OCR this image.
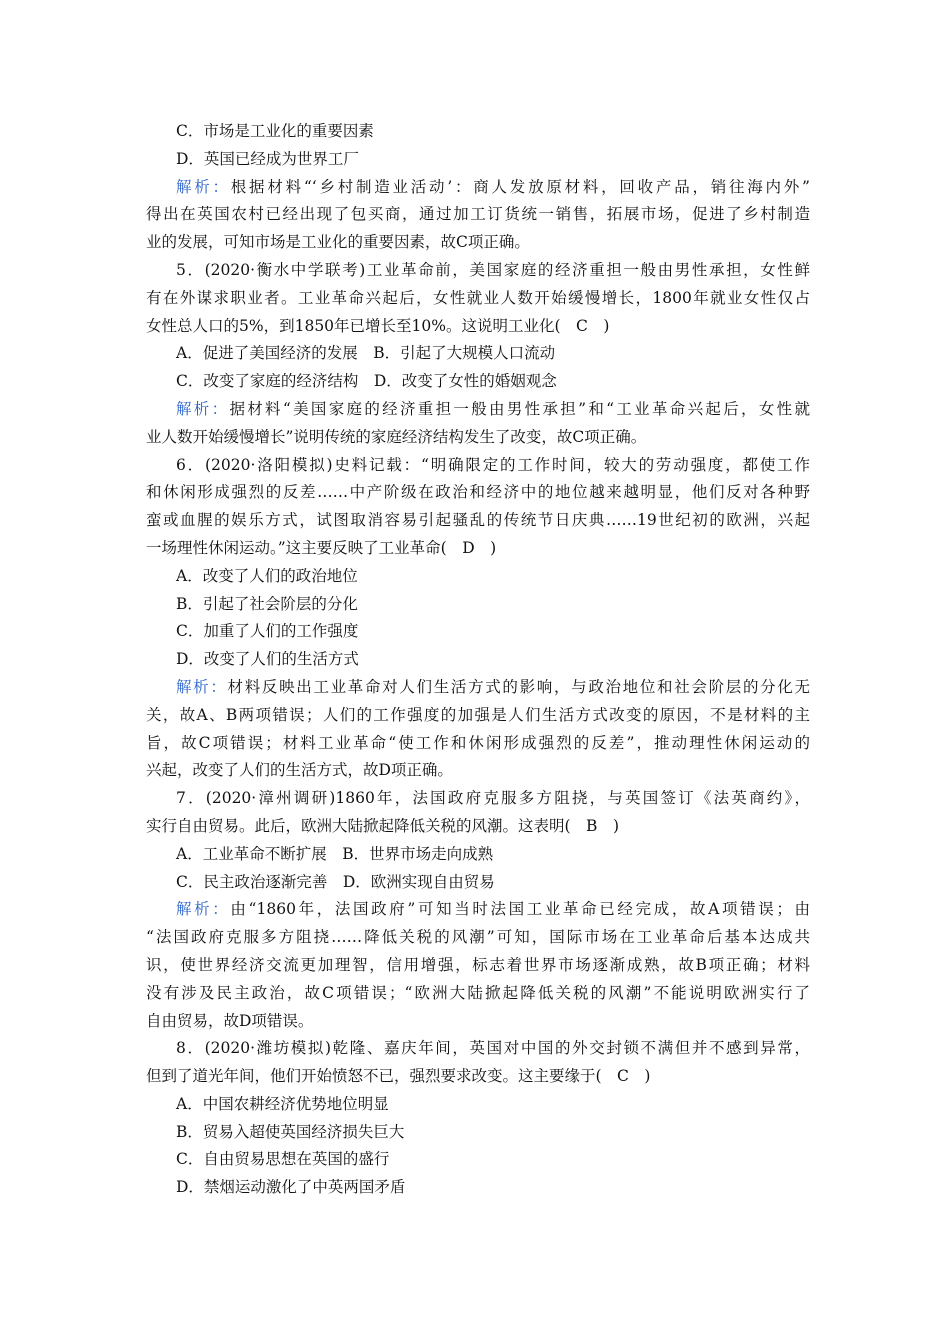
C．市场是工业化的重要因素
D．英国已经成为世界工厂
解析：根据材料“‘乡村制造业活动’：商人发放原材料，回收产品，销往海内外”
得出在英国农村已经出现了包买商，通过加工订货统一销售，拓展市场，促进了乡村制造
业的发展，可知市场是工业化的重要因素，故C项正确。
5．(2020·衡水中学联考)工业革命前，美国家庭的经济重担一般由男性承担，女性鲜
有在外谋求职业者。工业革命兴起后，女性就业人数开始缓慢增长，1800年就业女性仅占
女性总人口的5%，到1850年已增长至10%。这说明工业化(　C　)
A．促进了美国经济的发展　B．引起了大规模人口流动
C．改变了家庭的经济结构　D．改变了女性的婚姻观念
解析：据材料“美国家庭的经济重担一般由男性承担”和“工业革命兴起后，女性就
业人数开始缓慢增长”说明传统的家庭经济结构发生了改变，故C项正确。
6．(2020·洛阳模拟)史料记载：“明确限定的工作时间，较大的劳动强度，都使工作
和休闲形成强烈的反差……中产阶级在政治和经济中的地位越来越明显，他们反对各种野
蛮或血腥的娱乐方式，试图取消容易引起骚乱的传统节日庆典……19世纪初的欧洲，兴起
一场理性休闲运动。”这主要反映了工业革命(　D　)
A．改变了人们的政治地位
B．引起了社会阶层的分化
C．加重了人们的工作强度
D．改变了人们的生活方式
解析：材料反映出工业革命对人们生活方式的影响，与政治地位和社会阶层的分化无
关，故A、B两项错误；人们的工作强度的加强是人们生活方式改变的原因，不是材料的主
旨，故C项错误；材料工业革命“使工作和休闲形成强烈的反差”，推动理性休闲运动的
兴起，改变了人们的生活方式，故D项正确。
7．(2020·漳州调研)1860年，法国政府克服多方阻挠，与英国签订《法英商约》，
实行自由贸易。此后，欧洲大陆掀起降低关税的风潮。这表明(　B　)
A．工业革命不断扩展　B．世界市场走向成熟
C．民主政治逐渐完善　D．欧洲实现自由贸易
解析：由“1860年，法国政府”可知当时法国工业革命已经完成，故A项错误；由
“法国政府克服多方阻挠……降低关税的风潮”可知，国际市场在工业革命后基本达成共
识，使世界经济交流更加理智，信用增强，标志着世界市场逐渐成熟，故B项正确；材料
没有涉及民主政治，故C项错误；“欧洲大陆掀起降低关税的风潮”不能说明欧洲实行了
自由贸易，故D项错误。
8．(2020·潍坊模拟)乾隆、嘉庆年间，英国对中国的外交封锁不满但并不感到异常，
但到了道光年间，他们开始愤怒不已，强烈要求改变。这主要缘于(　C　)
A．中国农耕经济优势地位明显
B．贸易入超使英国经济损失巨大
C．自由贸易思想在英国的盛行
D．禁烟运动激化了中英两国矛盾
